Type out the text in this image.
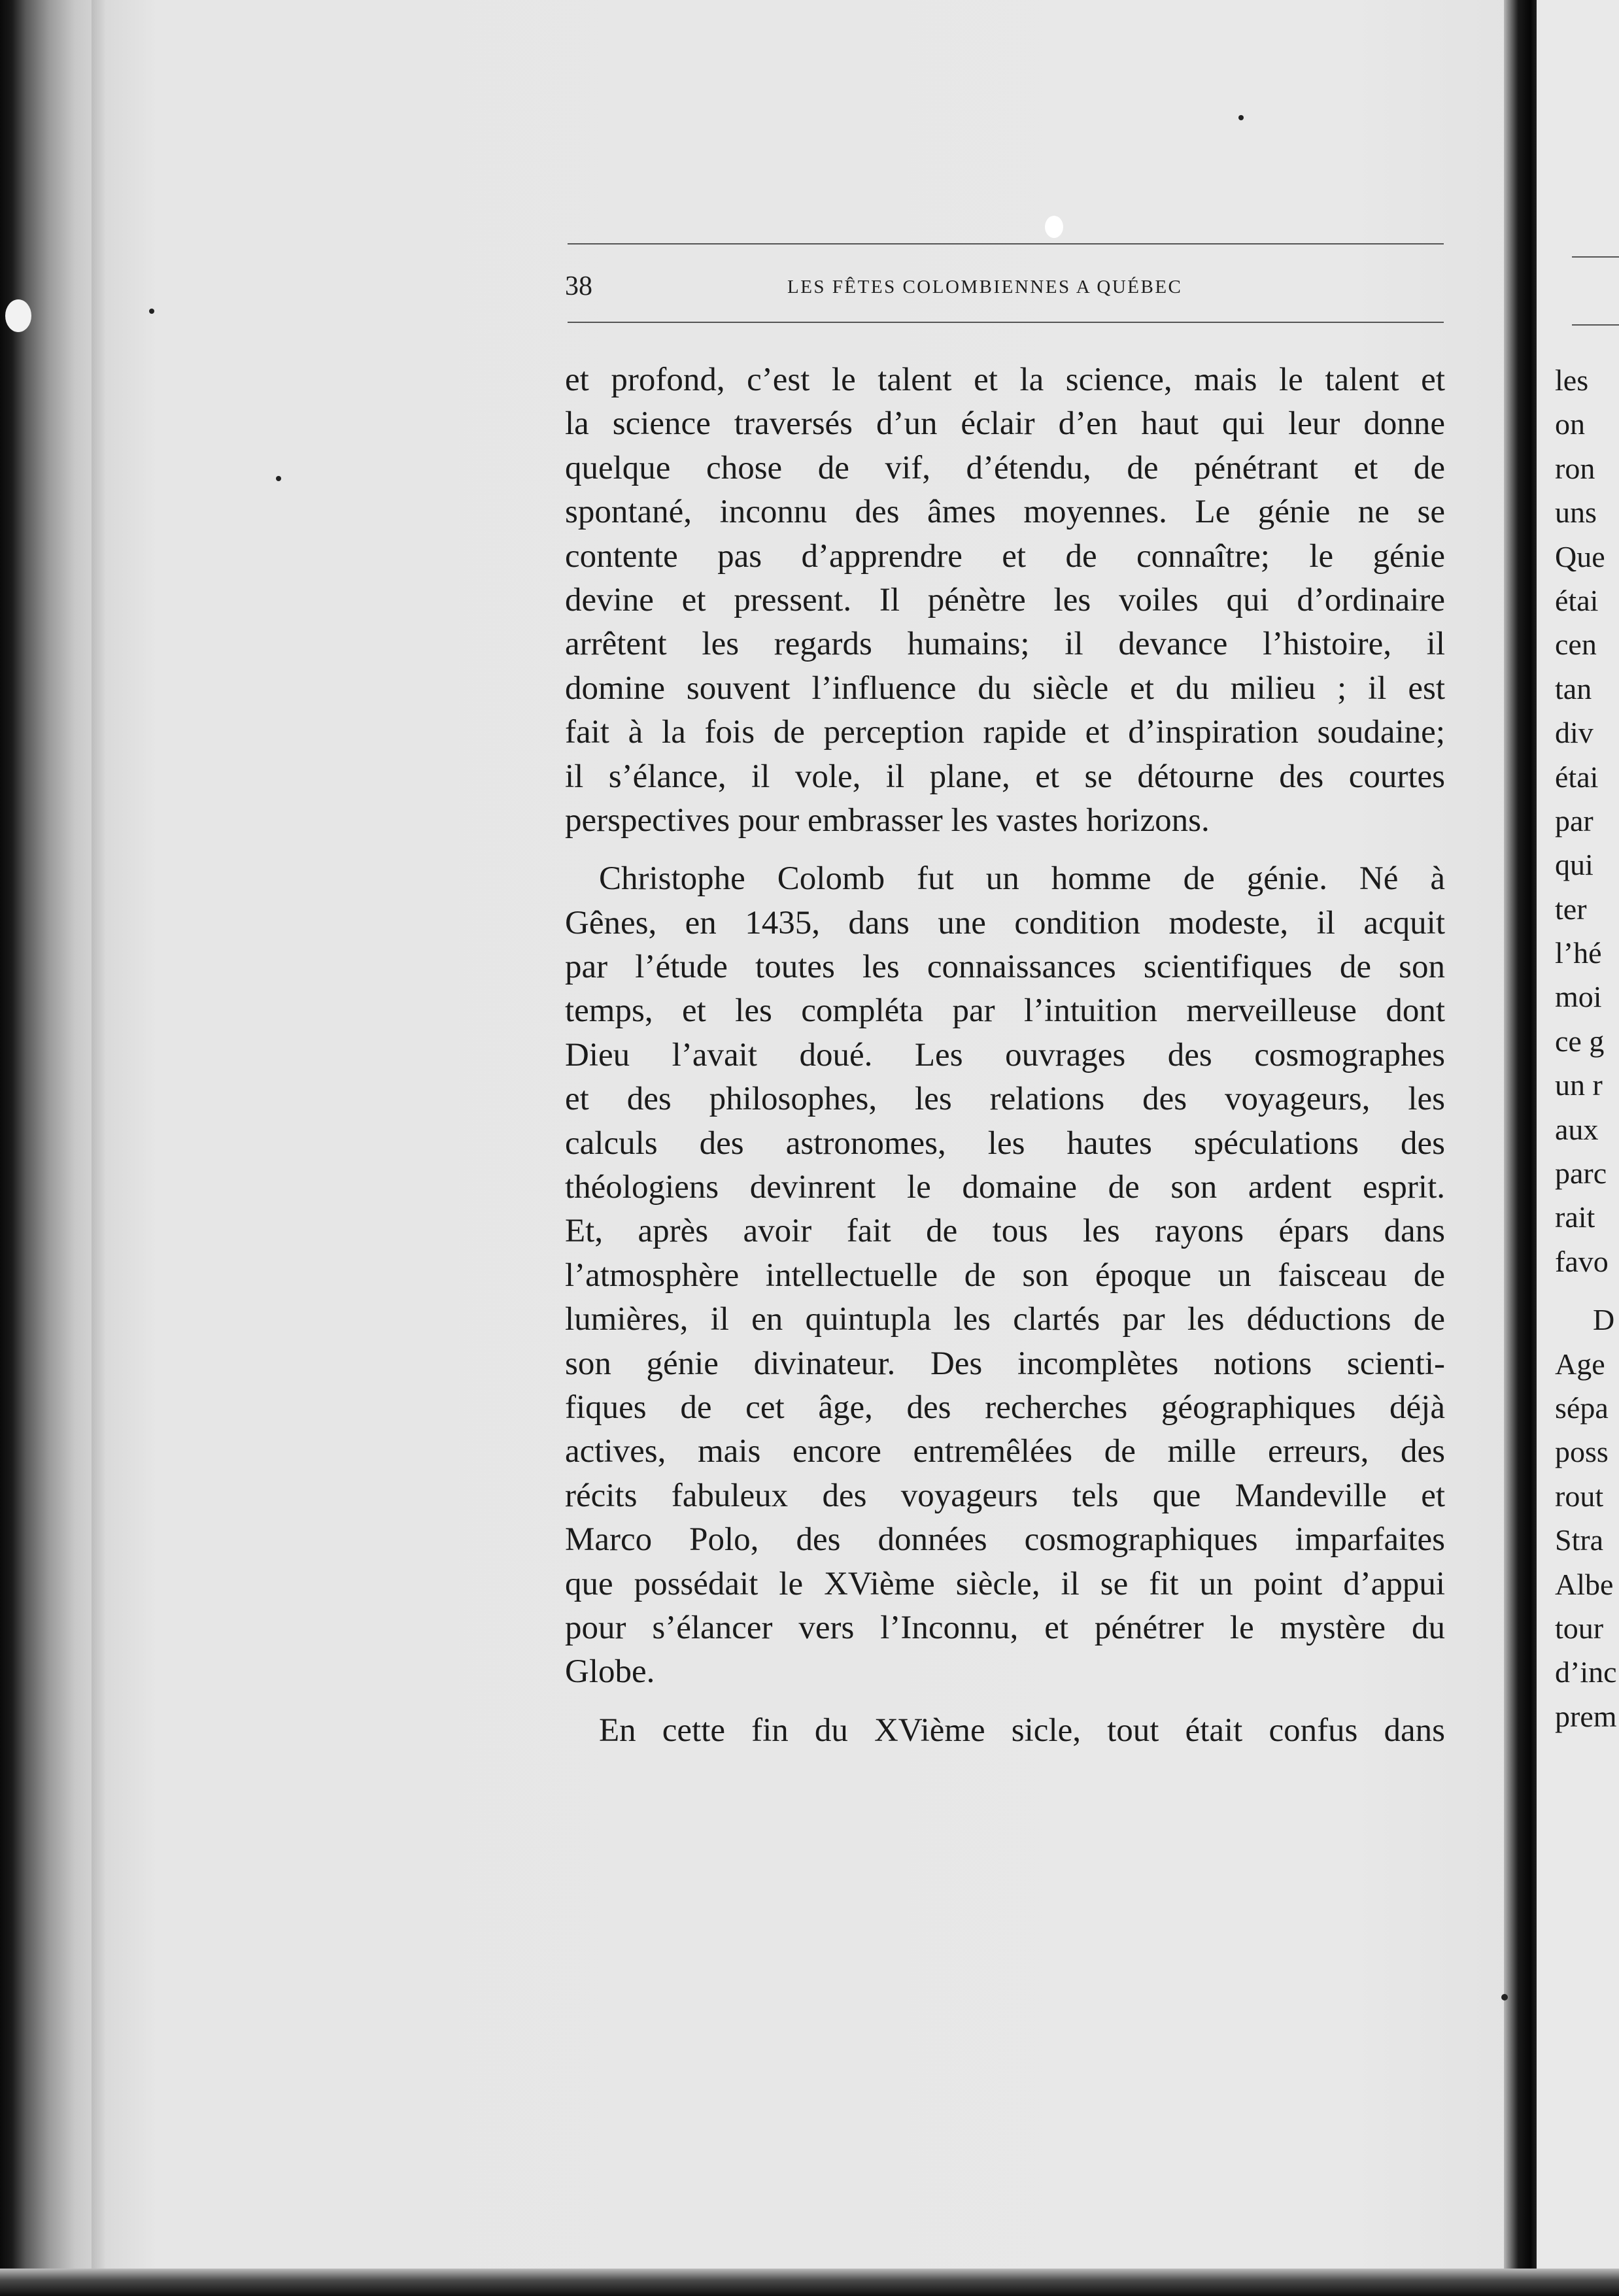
38	LES FÊTES COLOMBIENNES A QUÉBEC
et profond, c’est le talent et la science, mais le talent et
la science traversés d’un éclair d’en haut qui leur donne
quelque chose de vif, d’étendu, de pénétrant et de
spontané, inconnu des âmes moyennes. Le génie ne se
contente pas d’apprendre et de connaître; le génie
devine et pressent. Il pénètre les voiles qui d’ordinaire
arrêtent les regards humains; il devance l’histoire, il
domine souvent l’influence du siècle et du milieu ; il est
fait à la fois de perception rapide et d’inspiration soudaine;
il s’élance, il vole, il plane, et se détourne des courtes
perspectives pour embrasser les vastes horizons.
Christophe Colomb fut un homme de génie. Né à
Gênes, en 1435, dans une condition modeste, il acquit
par l’étude toutes les connaissances scientifiques de son
temps, et les compléta par l’intuition merveilleuse dont
Dieu l’avait doué. Les ouvrages des cosmographes
et des philosophes, les relations des voyageurs, les
calculs des astronomes, les hautes spéculations des
théologiens devinrent le domaine de son ardent esprit.
Et, après avoir fait de tous les rayons épars dans
l’atmosphère intellectuelle de son époque un faisceau de
lumières, il en quintupla les clartés par les déductions de
son génie divinateur. Des incomplètes notions scienti-
fiques de cet âge, des recherches géographiques déjà
actives, mais encore entremêlées de mille erreurs, des
récits fabuleux des voyageurs tels que Mandeville et
Marco Polo, des données cosmographiques imparfaites
que possédait le XVième siècle, il se fit un point d’appui
pour s’élancer vers l’Inconnu, et pénétrer le mystère du
Globe.
En cette fin du XVième sicle, tout était confus dans
les
on
ron
uns
Que
étai
cen
tan
div
étai
par
qui
ter
l’hé
moi
ce g
un r
aux
parc
rait
favo
D
Age
sépa
poss
rout
Stra
Albe
tour
d’inc
prem
